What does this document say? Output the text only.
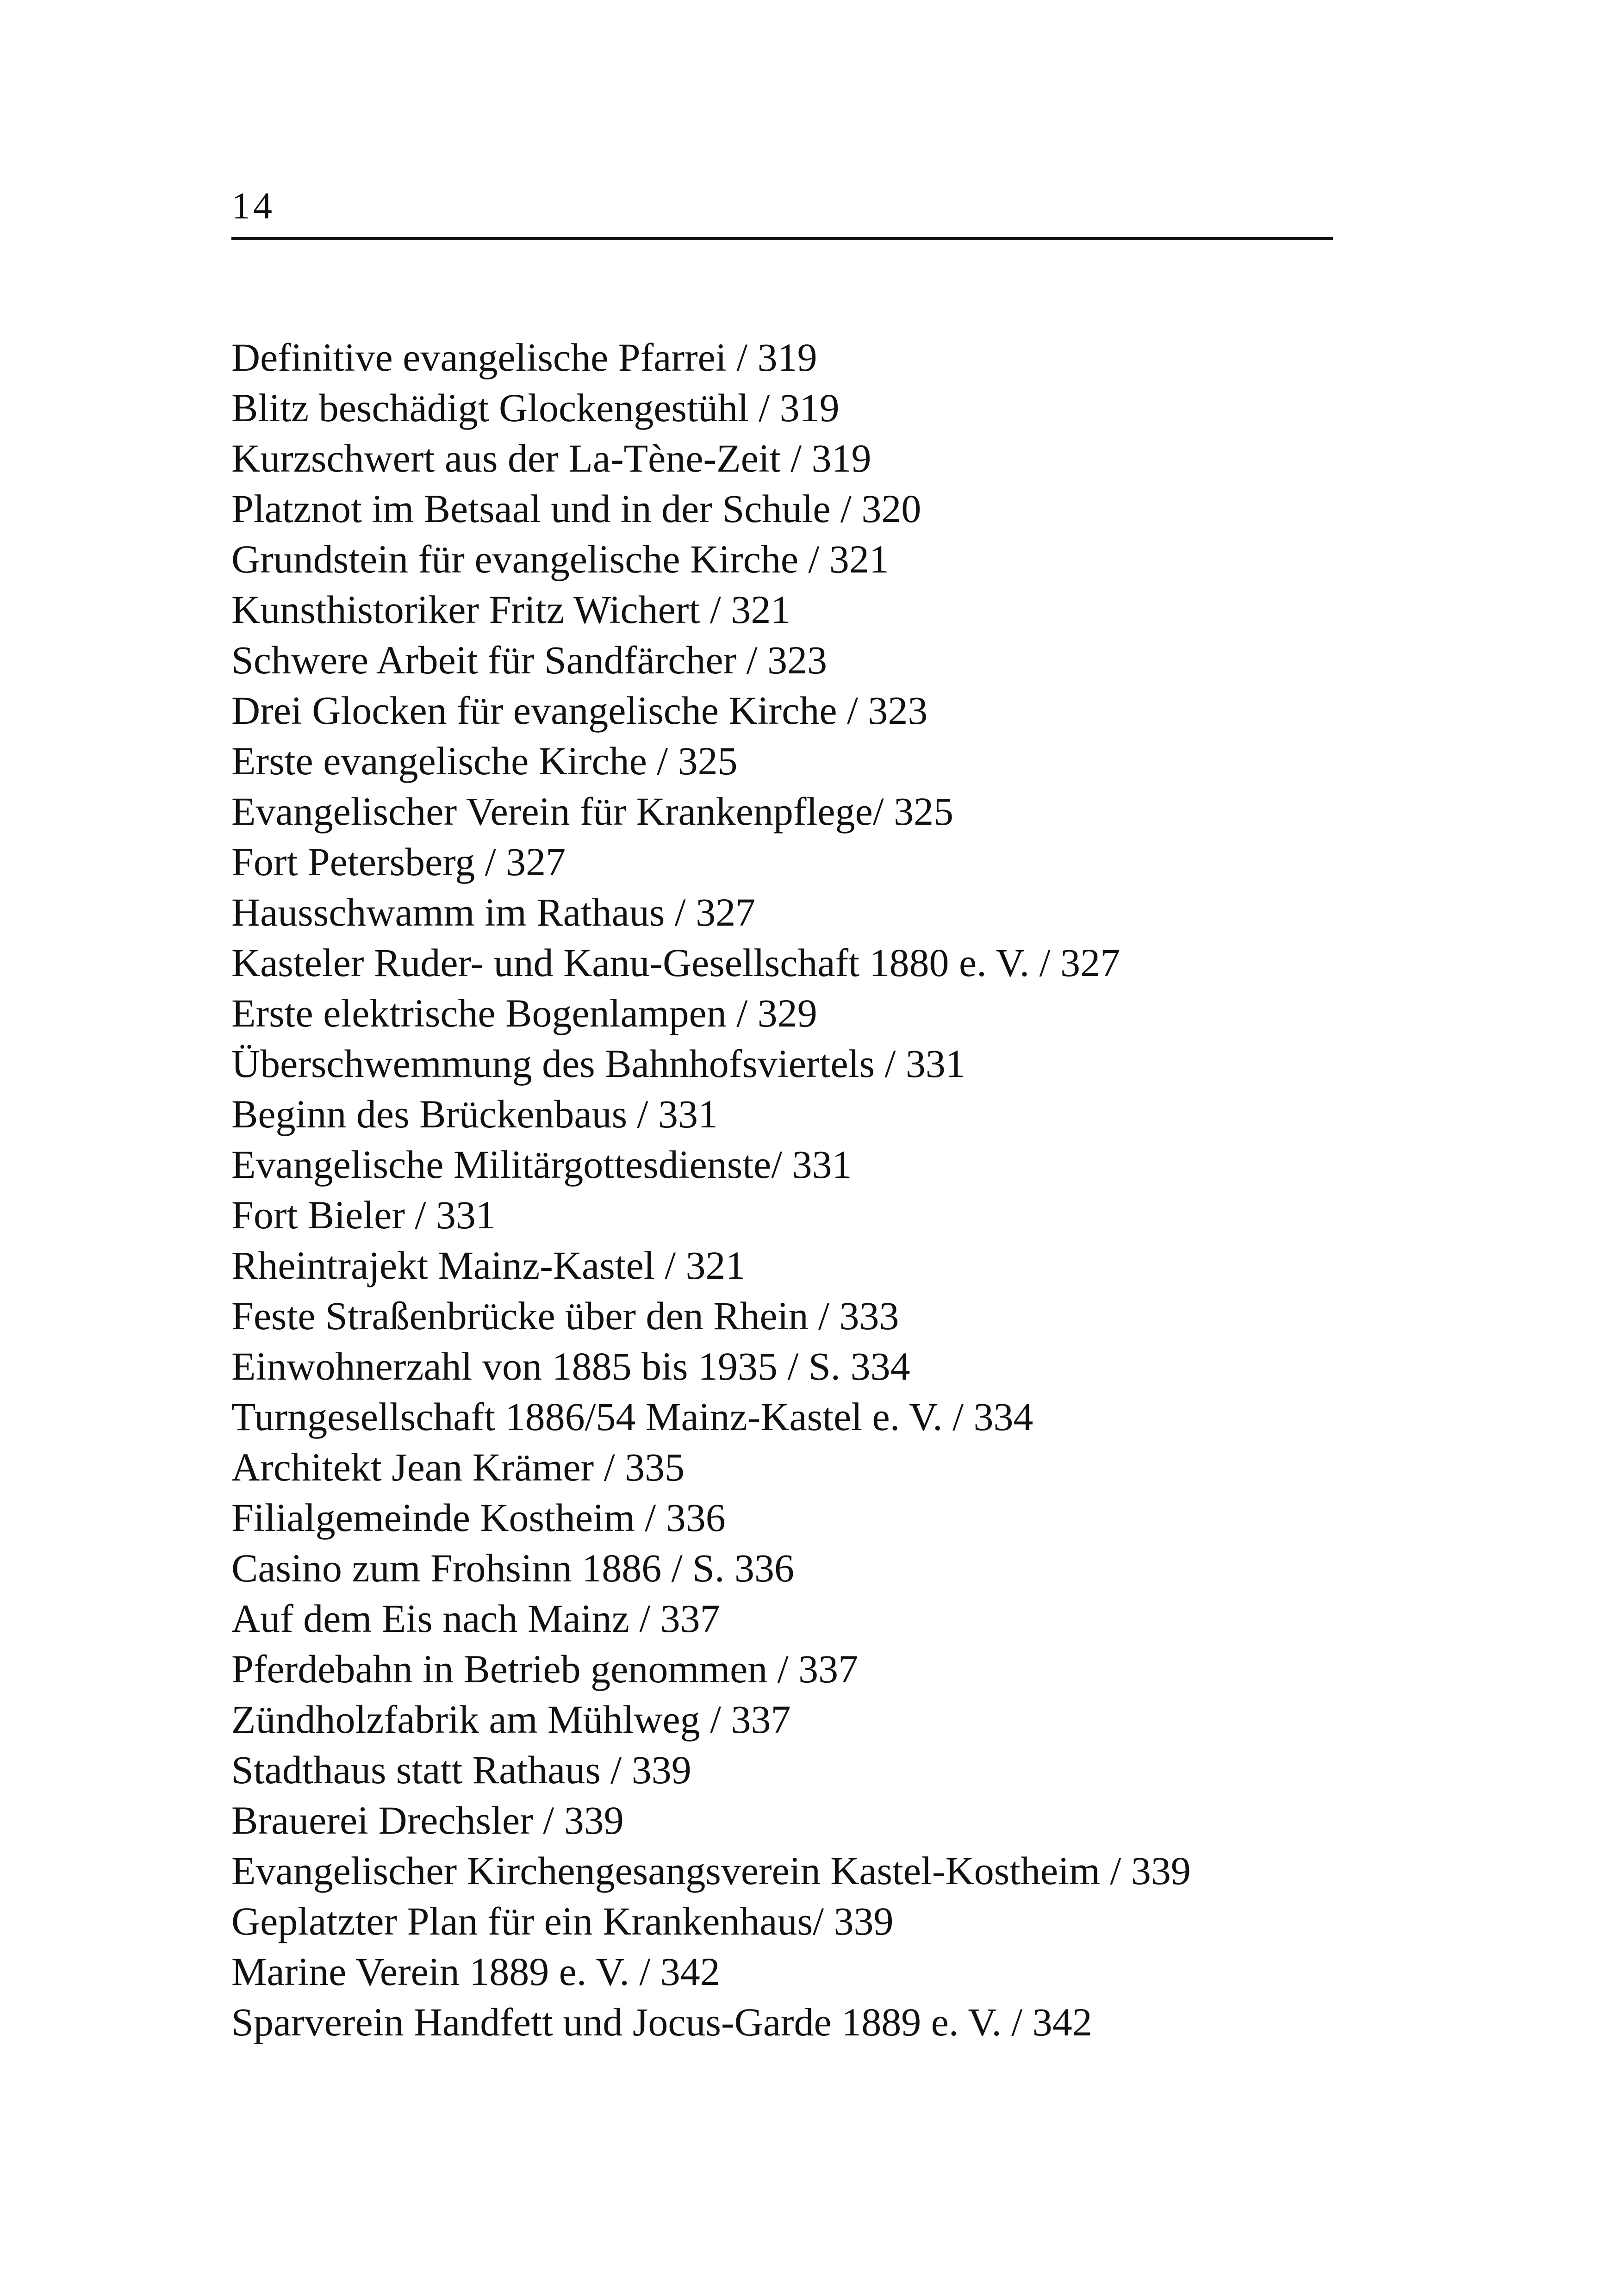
14
Definitive evangelische Pfarrei / 319
Blitz beschädigt Glockengestühl / 319
Kurzschwert aus der La-Tène-Zeit / 319
Platznot im Betsaal und in der Schule / 320
Grundstein für evangelische Kirche / 321
Kunsthistoriker Fritz Wichert / 321
Schwere Arbeit für Sandfärcher / 323
Drei Glocken für evangelische Kirche / 323
Erste evangelische Kirche / 325
Evangelischer Verein für Krankenpflege/ 325
Fort Petersberg / 327
Hausschwamm im Rathaus / 327
Kasteler Ruder- und Kanu-Gesellschaft 1880 e. V. / 327
Erste elektrische Bogenlampen / 329
Überschwemmung des Bahnhofsviertels / 331
Beginn des Brückenbaus / 331
Evangelische Militärgottesdienste/ 331
Fort Bieler / 331
Rheintrajekt Mainz-Kastel / 321
Feste Straßenbrücke über den Rhein / 333
Einwohnerzahl von 1885 bis 1935 / S. 334
Turngesellschaft 1886/54 Mainz-Kastel e. V. / 334
Architekt Jean Krämer / 335
Filialgemeinde Kostheim / 336
Casino zum Frohsinn 1886 / S. 336
Auf dem Eis nach Mainz / 337
Pferdebahn in Betrieb genommen / 337
Zündholzfabrik am Mühlweg / 337
Stadthaus statt Rathaus / 339
Brauerei Drechsler / 339
Evangelischer Kirchengesangsverein Kastel-Kostheim / 339
Geplatzter Plan für ein Krankenhaus/ 339
Marine Verein 1889 e. V. / 342
Sparverein Handfett und Jocus-Garde 1889 e. V. / 342
